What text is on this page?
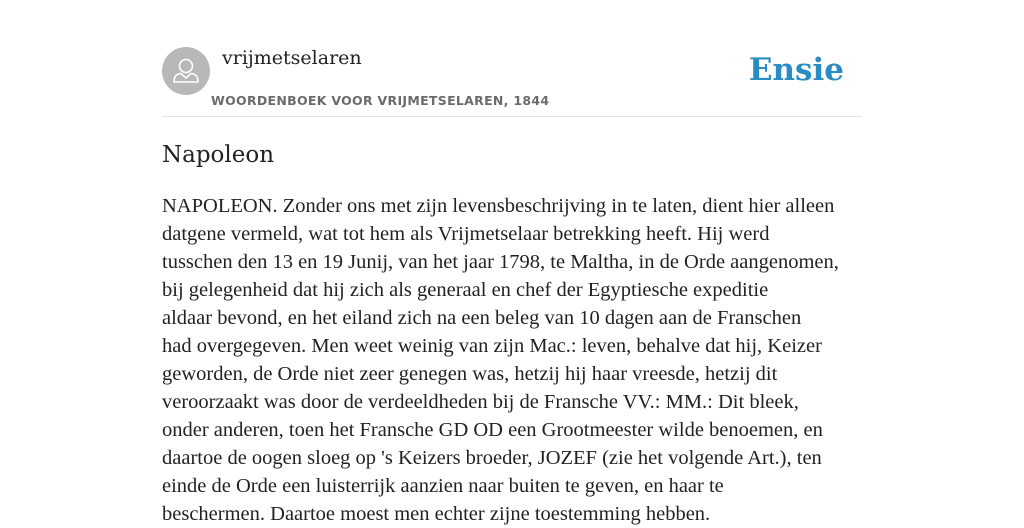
vrijmetselaren
WOORDENBOEK VOOR VRIJMETSELAREN, 1844
Ensie
Napoleon
NAPOLEON. Zonder ons met zijn levensbeschrijving in te laten, dient hier alleen
datgene vermeld, wat tot hem als Vrijmetselaar betrekking heeft. Hij werd
tusschen den 13 en 19 Junij, van het jaar 1798, te Maltha, in de Orde aangenomen,
bij gelegenheid dat hij zich als generaal en chef der Egyptiesche expeditie
aldaar bevond, en het eiland zich na een beleg van 10 dagen aan de Franschen
had overgegeven. Men weet weinig van zijn Mac.: leven, behalve dat hij, Keizer
geworden, de Orde niet zeer genegen was, hetzij hij haar vreesde, hetzij dit
veroorzaakt was door de verdeeldheden bij de Fransche VV.: MM.: Dit bleek,
onder anderen, toen het Fransche GD OD een Grootmeester wilde benoemen, en
daartoe de oogen sloeg op 's Keizers broeder, JOZEF (zie het volgende Art.), ten
einde de Orde een luisterrijk aanzien naar buiten te geven, en haar te
beschermen. Daartoe moest men echter zijne toestemming hebben.
